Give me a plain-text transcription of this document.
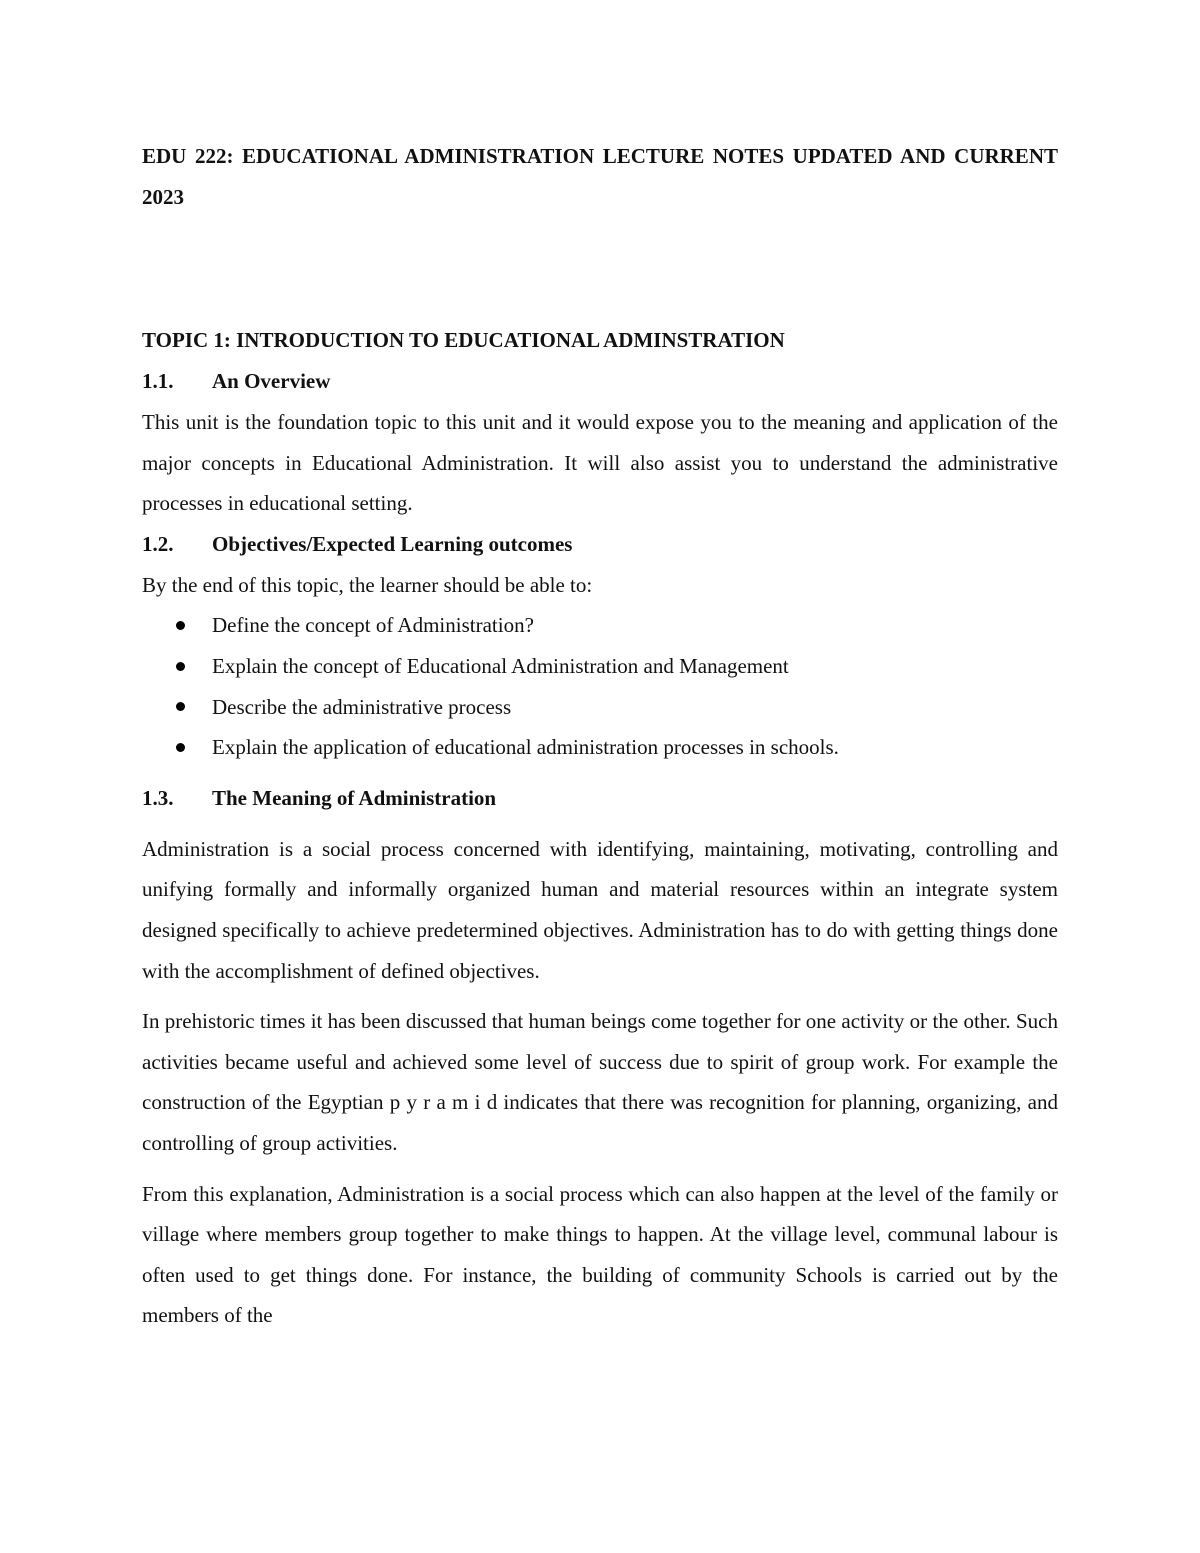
EDU 222: EDUCATIONAL ADMINISTRATION LECTURE NOTES UPDATED AND CURRENT 2023
TOPIC 1: INTRODUCTION TO EDUCATIONAL ADMINSTRATION
1.1.	An Overview

This unit is the foundation topic to this unit and it would expose you to the meaning and application of the major concepts in Educational Administration. It will also assist you to understand the administrative processes in educational setting.

1.2.	Objectives/Expected Learning outcomes

By the end of this topic, the learner should be able to:

Define the concept of Administration?
Explain the concept of Educational Administration and Management
Describe the administrative process
Explain the application of educational administration processes in schools.
1.3.	The Meaning of Administration

Administration is a social process concerned with identifying, maintaining, motivating, controlling and unifying formally and informally organized human and material resources within an integrate system designed specifically to achieve predetermined objectives. Administration has to do with getting things done with the accomplishment of defined objectives.

In prehistoric times it has been discussed that human beings come together for one activity or the other. Such activities became useful and achieved some level of success due to spirit of group work. For example the construction of the Egyptian p y r a m i d indicates that there was recognition for planning, organizing, and controlling of group activities.

From this explanation, Administration is a social process which can also happen at the level of the family or village where members group together to make things to happen. At the village level, communal labour is often used to get things done. For instance, the building of community Schools is carried out by the members of the
